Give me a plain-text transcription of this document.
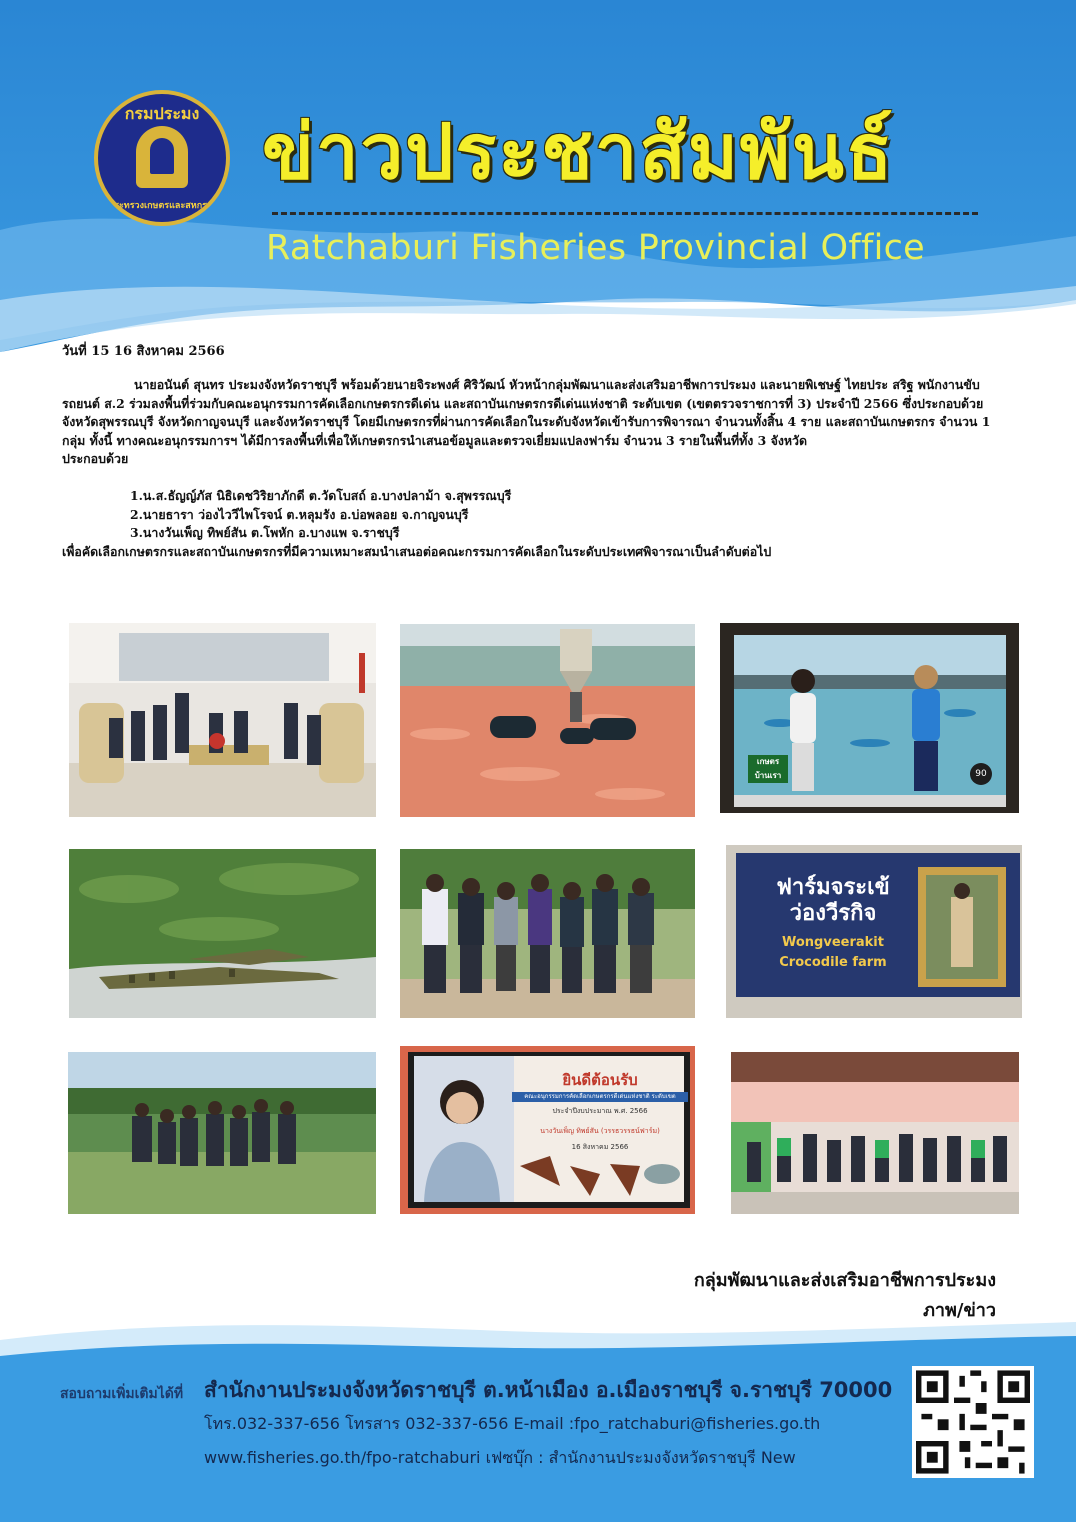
กรมประมง
กระทรวงเกษตรและสหกรณ์
ข่าวประชาสัมพันธ์
Ratchaburi Fisheries Provincial Office
วันที่ 15 16 สิงหาคม 2566

นายอนันต์ สุนทร ประมงจังหวัดราชบุรี พร้อมด้วยนายจิระพงศ์ ศิริวัฒน์ หัวหน้ากลุ่มพัฒนาและส่งเสริมอาชีพการประมง และนายพิเชษฐ์ ไทยประ สริฐ พนักงานขับรถยนต์ ส.2 ร่วมลงพื้นที่ร่วมกับคณะอนุกรรมการคัดเลือกเกษตรกรดีเด่น และสถาบันเกษตรกรดีเด่นแห่งชาติ ระดับเขต (เขตตรวจราชการที่ 3) ประจำปี 2566 ซึ่งประกอบด้วย จังหวัดสุพรรณบุรี จังหวัดกาญจนบุรี และจังหวัดราชบุรี โดยมีเกษตรกรที่ผ่านการคัดเลือกในระดับจังหวัดเข้ารับการพิจารณา จำนวนทั้งสิ้น 4 ราย และสถาบันเกษตรกร จำนวน 1 กลุ่ม ทั้งนี้ ทางคณะอนุกรรมการฯ ได้มีการลงพื้นที่เพื่อให้เกษตรกรนำเสนอข้อมูลและตรวจเยี่ยมแปลงฟาร์ม จำนวน 3 รายในพื้นที่ทั้ง 3 จังหวัด

ประกอบด้วย

1.น.ส.ธัญญ์ภัส นิธิเดชวิริยาภักดี ต.วัดโบสถ์ อ.บางปลาม้า จ.สุพรรณบุรี
2.นายธารา ว่องไววีไพโรจน์ ต.หลุมรัง อ.บ่อพลอย จ.กาญจนบุรี
3.นางวันเพ็ญ ทิพย์สัน ต.โพหัก อ.บางแพ จ.ราชบุรี

เพื่อคัดเลือกเกษตรกรและสถาบันเกษตรกรที่มีความเหมาะสมนำเสนอต่อคณะกรรมการคัดเลือกในระดับประเทศพิจารณาเป็นลำดับต่อไป

เกษตร บ้านเรา	90
ฟาร์มจระเข้
ว่องวีรกิจ
Wongveerakit
Crocodile farm
ยินดีต้อนรับ
คณะอนุกรรมการคัดเลือกเกษตรกรดีเด่นแห่งชาติ ระดับเขต
ประจำปีงบประมาณ พ.ศ. 2566
นางวันเพ็ญ ทิพย์สัน (วรรธวรรธน์ฟาร์ม)
16 สิงหาคม 2566
กลุ่มพัฒนาและส่งเสริมอาชีพการประมง
ภาพ/ข่าว
สอบถามเพิ่มเติมได้ที่ สำนักงานประมงจังหวัดราชบุรี ต.หน้าเมือง อ.เมืองราชบุรี จ.ราชบุรี 70000
โทร.032-337-656 โทรสาร 032-337-656 E-mail :fpo_ratchaburi@fisheries.go.th
www.fisheries.go.th/fpo-ratchaburi เฟซบุ๊ก : สำนักงานประมงจังหวัดราชบุรี New
